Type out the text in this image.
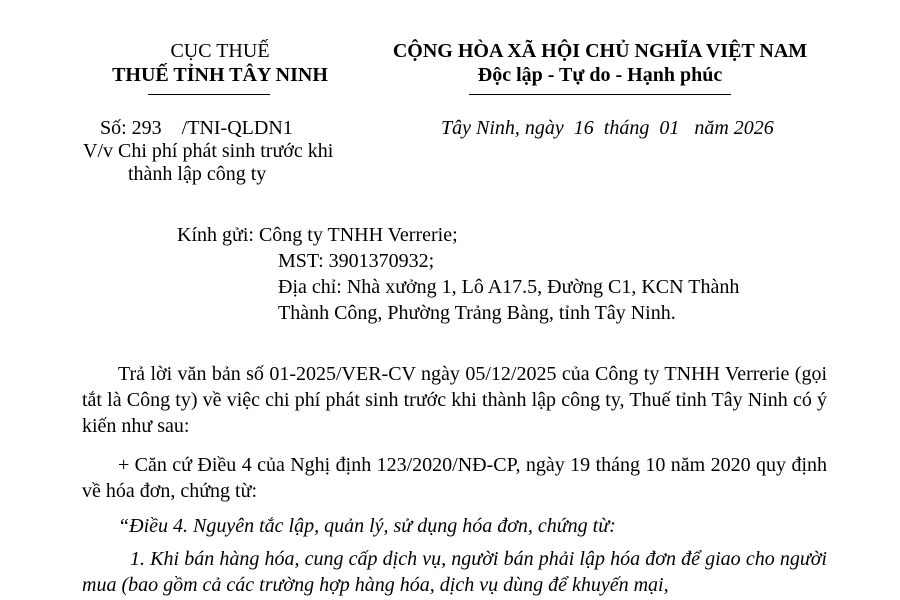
CỤC THUẾ
THUẾ TỈNH TÂY NINH
CỘNG HÒA XÃ HỘI CHỦ NGHĨA VIỆT NAM
Độc lập - Tự do - Hạnh phúc
Số: 293    /TNI-QLDN1
V/v Chi phí phát sinh trước khi
thành lập công ty
Tây Ninh, ngày  16  tháng  01   năm 2026
Kính gửi: Công ty TNHH Verrerie;
MST: 3901370932;
Địa chỉ: Nhà xưởng 1, Lô A17.5, Đường C1, KCN Thành
Thành Công, Phường Trảng Bàng, tỉnh Tây Ninh.
Trả lời văn bản số 01-2025/VER-CV ngày 05/12/2025 của Công ty TNHH Verrerie (gọi tắt là Công ty) về việc chi phí phát sinh trước khi thành lập công ty, Thuế tỉnh Tây Ninh có ý kiến như sau:
+ Căn cứ Điều 4 của Nghị định 123/2020/NĐ-CP, ngày 19 tháng 10 năm 2020 quy định về hóa đơn, chứng từ:
“Điều 4. Nguyên tắc lập, quản lý, sử dụng hóa đơn, chứng từ:
1. Khi bán hàng hóa, cung cấp dịch vụ, người bán phải lập hóa đơn để giao cho người mua (bao gồm cả các trường hợp hàng hóa, dịch vụ dùng để khuyến mại,
